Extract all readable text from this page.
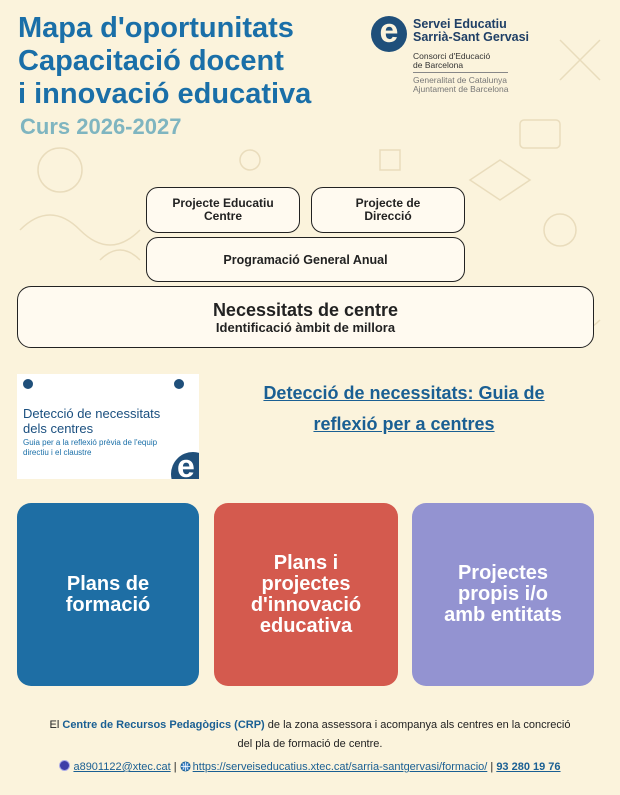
Mapa d'oportunitats
Capacitació docent
i innovació educativa
Curs 2026-2027
e	Servei Educatiu
Sarrià-Sant Gervasi
Consorci d'Educació
de Barcelona
Generalitat de Catalunya
Ajuntament de Barcelona
Projecte Educatiu
Centre
Projecte de
Direcció
Programació General Anual
Necessitats de centre
Identificació àmbit de millora
Detecció de necessitats
dels centres
Guia per a la reflexió prèvia de l'equip
directiu i el claustre	e
Detecció de necessitats: Guia de
reflexió per a centres
Plans de
formació
Plans i
projectes
d'innovació
educativa
Projectes
propis i/o
amb entitats
El Centre de Recursos Pedagògics (CRP) de la zona assessora i acompanya als centres en la concreció
del pla de formació de centre.
a8901122@xtec.cat | https://serveiseducatius.xtec.cat/sarria-santgervasi/formacio/ | 93 280 19 76
